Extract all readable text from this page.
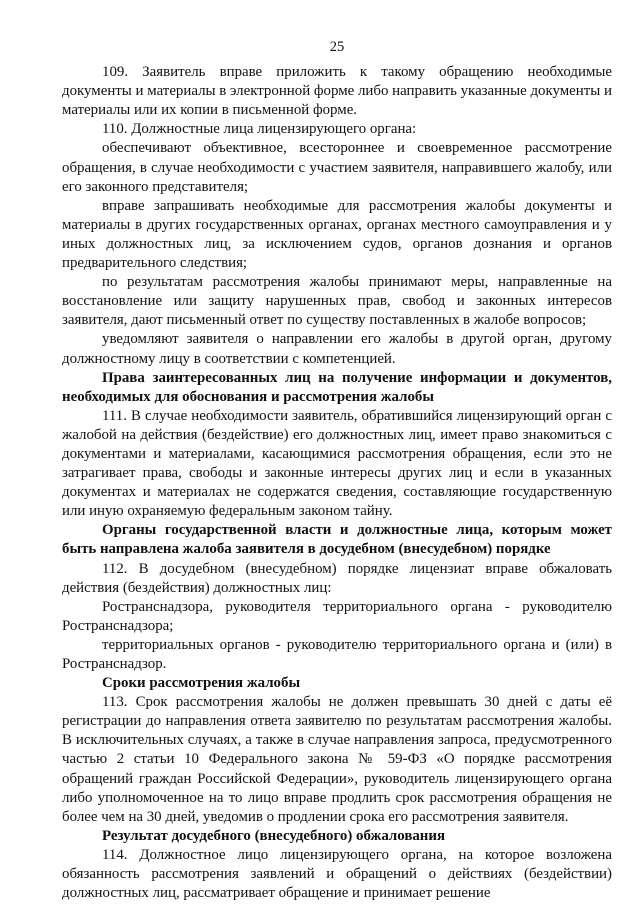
25

109. Заявитель вправе приложить к такому обращению необходимые документы и материалы в электронной форме либо направить указанные документы и материалы или их копии в письменной форме.

110. Должностные лица лицензирующего органа:

обеспечивают объективное, всестороннее и своевременное рассмотрение обращения, в случае необходимости с участием заявителя, направившего жалобу, или его законного представителя;

вправе запрашивать необходимые для рассмотрения жалобы документы и материалы в других государственных органах, органах местного самоуправления и у иных должностных лиц, за исключением судов, органов дознания и органов предварительного следствия;

по результатам рассмотрения жалобы принимают меры, направленные на восстановление или защиту нарушенных прав, свобод и законных интересов заявителя, дают письменный ответ по существу поставленных в жалобе вопросов;

уведомляют заявителя о направлении его жалобы в другой орган, другому должностному лицу в соответствии с компетенцией.

Права заинтересованных лиц на получение информации и документов, необходимых для обоснования и рассмотрения жалобы

111. В случае необходимости заявитель, обратившийся лицензирующий орган с жалобой на действия (бездействие) его должностных лиц, имеет право знакомиться с документами и материалами, касающимися рассмотрения обращения, если это не затрагивает права, свободы и законные интересы других лиц и если в указанных документах и материалах не содержатся сведения, составляющие государственную или иную охраняемую федеральным законом тайну.

Органы государственной власти и должностные лица, которым может быть направлена жалоба заявителя в досудебном (внесудебном) порядке

112. В досудебном (внесудебном) порядке лицензиат вправе обжаловать действия (бездействия) должностных лиц:

Ространснадзора, руководителя территориального органа - руководителю Ространснадзора;

территориальных органов - руководителю территориального органа и (или) в Ространснадзор.

Сроки рассмотрения жалобы

113. Срок рассмотрения жалобы не должен превышать 30 дней с даты её регистрации до направления ответа заявителю по результатам рассмотрения жалобы. В исключительных случаях, а также в случае направления запроса, предусмотренного частью 2 статьи 10 Федерального закона № 59-ФЗ «О порядке рассмотрения обращений граждан Российской Федерации», руководитель лицензирующего органа либо уполномоченное на то лицо вправе продлить срок рассмотрения обращения не более чем на 30 дней, уведомив о продлении срока его рассмотрения заявителя.

Результат досудебного (внесудебного) обжалования

114. Должностное лицо лицензирующего органа, на которое возложена обязанность рассмотрения заявлений и обращений о действиях (бездействии) должностных лиц, рассматривает обращение и принимает решение
